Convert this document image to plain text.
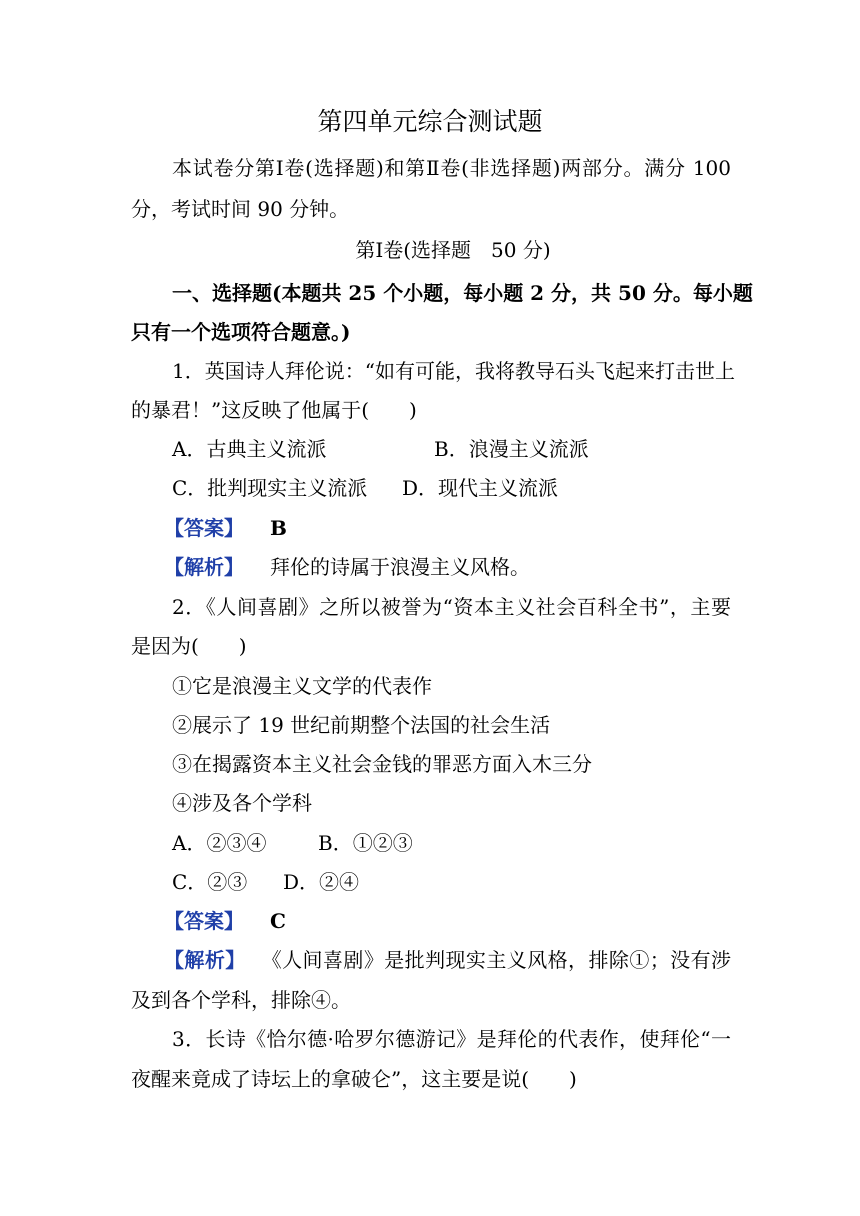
第四单元综合测试题
本试卷分第Ⅰ卷(选择题)和第Ⅱ卷(非选择题)两部分。满分 100
分，考试时间 90 分钟。
第Ⅰ卷(选择题　50 分)
一、选择题(本题共 25 个小题，每小题 2 分，共 50 分。每小题
只有一个选项符合题意。)
1．英国诗人拜伦说：“如有可能，我将教导石头飞起来打击世上
的暴君！”这反映了他属于(　　)
A．古典主义流派	B．浪漫主义流派
C．批判现实主义流派 D．现代主义流派
【答案】 B
【解析】 拜伦的诗属于浪漫主义风格。
2．《人间喜剧》之所以被誉为“资本主义社会百科全书”，主要
是因为(　　)
①它是浪漫主义文学的代表作
②展示了 19 世纪前期整个法国的社会生活
③在揭露资本主义社会金钱的罪恶方面入木三分
④涉及各个学科
A．②③④	B．①②③
C．②③ D．②④
【答案】 C
【解析】 《人间喜剧》是批判现实主义风格，排除①；没有涉
及到各个学科，排除④。
3．长诗《恰尔德·哈罗尔德游记》是拜伦的代表作，使拜伦“一
夜醒来竟成了诗坛上的拿破仑”，这主要是说(　　)
